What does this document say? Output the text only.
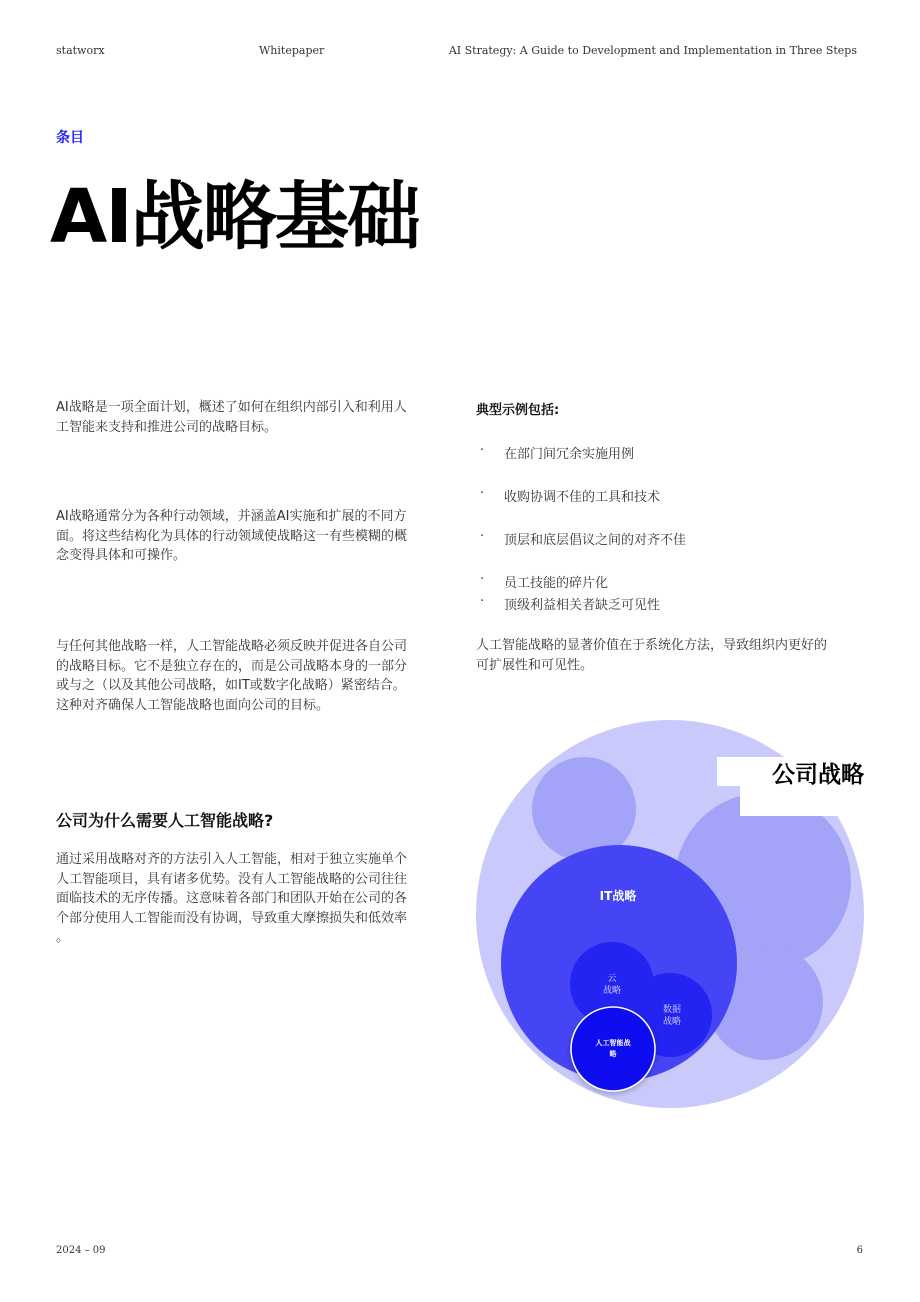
statworx	Whitepaper	AI Strategy: A Guide to Development and Implementation in Three Steps
条目
AI战略基础
AI战略是一项全面计划，概述了如何在组织内部引入和利用人
工智能来支持和推进公司的战略目标。
AI战略通常分为各种行动领域，并涵盖AI实施和扩展的不同方
面。将这些结构化为具体的行动领域使战略这一有些模糊的概
念变得具体和可操作。
与任何其他战略一样，人工智能战略必须反映并促进各自公司
的战略目标。它不是独立存在的，而是公司战略本身的一部分
或与之（以及其他公司战略，如IT或数字化战略）紧密结合。
这种对齐确保人工智能战略也面向公司的目标。
公司为什么需要人工智能战略?
通过采用战略对齐的方法引入人工智能，相对于独立实施单个
人工智能项目，具有诸多优势。没有人工智能战略的公司往往
面临技术的无序传播。这意味着各部门和团队开始在公司的各
个部分使用人工智能而没有协调，导致重大摩擦损失和低效率
。
典型示例包括:
· 在部门间冗余实施用例
· 收购协调不佳的工具和技术
· 顶层和底层倡议之间的对齐不佳
· 员工技能的碎片化
· 顶级利益相关者缺乏可见性
人工智能战略的显著价值在于系统化方法，导致组织内更好的
可扩展性和可见性。
公司战略
IT战略
云
战略
数据
战略
人工智能战
略
2024 – 09	6
